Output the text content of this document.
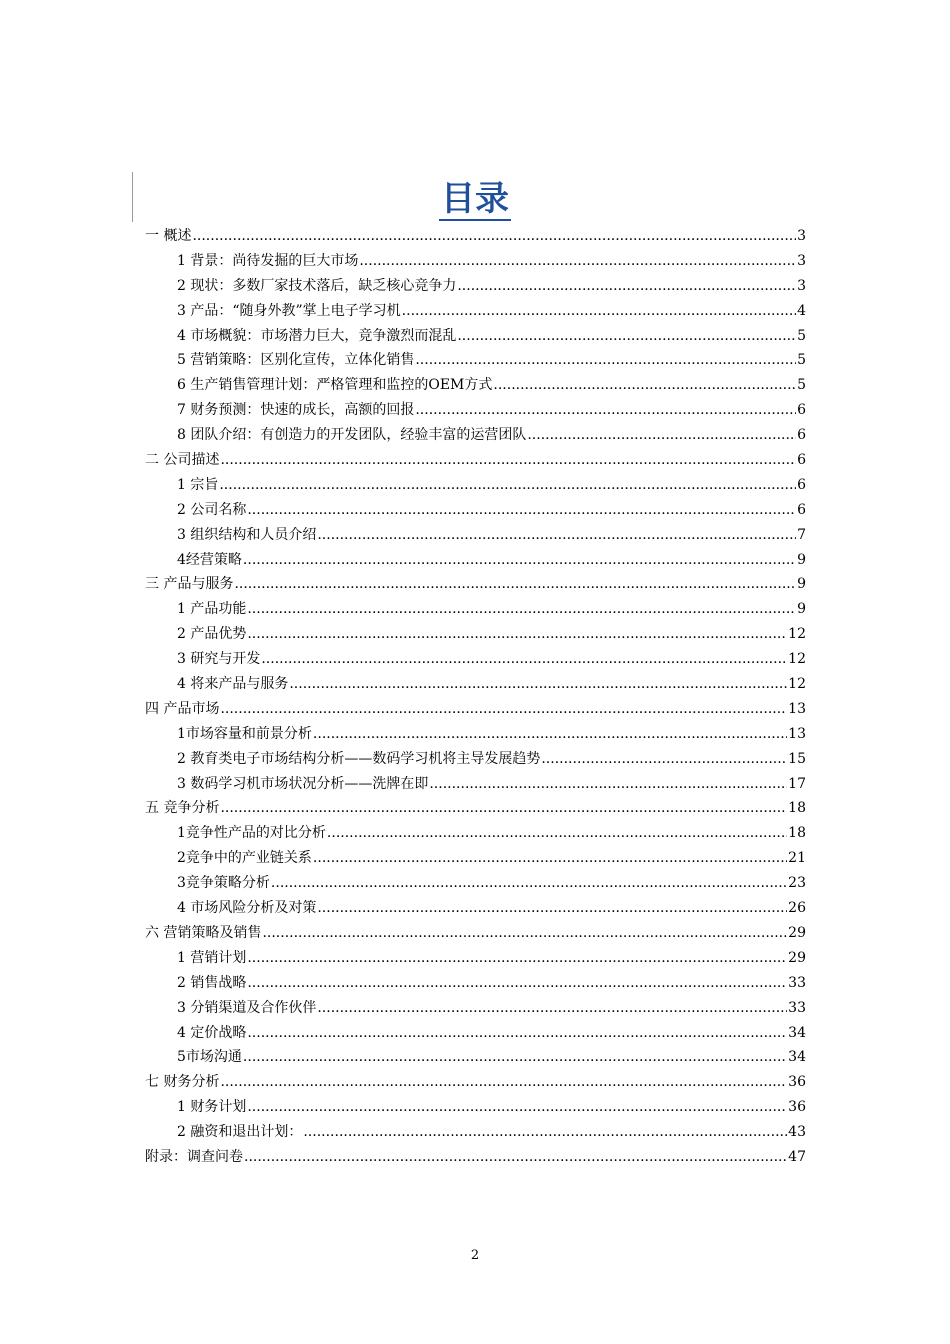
目录
一 概述 .....	3
1 背景：尚待发掘的巨大市场 .....	3
2 现状：多数厂家技术落后，缺乏核心竞争力 .....	3
3 产品：“随身外教”掌上电子学习机 .....	4
4 市场概貌：市场潜力巨大，竞争激烈而混乱 .....	5
5 营销策略：区别化宣传，立体化销售 .....	5
6 生产销售管理计划：严格管理和监控的OEM方式 .....	5
7 财务预测：快速的成长，高额的回报 .....	6
8 团队介绍：有创造力的开发团队，经验丰富的运营团队 .....	6
二 公司描述 .....	6
1 宗旨 .....	6
2 公司名称 .....	6
3 组织结构和人员介绍 .....	7
4经营策略 .....	9
三 产品与服务 .....	9
1 产品功能 .....	9
2 产品优势 .....	12
3 研究与开发 .....	12
4 将来产品与服务 .....	12
四 产品市场 .....	13
1市场容量和前景分析 .....	13
2 教育类电子市场结构分析——数码学习机将主导发展趋势 .....	15
3 数码学习机市场状况分析——洗牌在即 .....	17
五 竞争分析 .....	18
1竞争性产品的对比分析 .....	18
2竞争中的产业链关系 .....	21
3竞争策略分析 .....	23
4 市场风险分析及对策 .....	26
六 营销策略及销售 .....	29
1 营销计划 .....	29
2 销售战略 .....	33
3 分销渠道及合作伙伴 .....	33
4 定价战略 .....	34
5市场沟通 .....	34
七 财务分析 .....	36
1 财务计划 .....	36
2 融资和退出计划： .....	43
附录：调查问卷 .....	47
2
